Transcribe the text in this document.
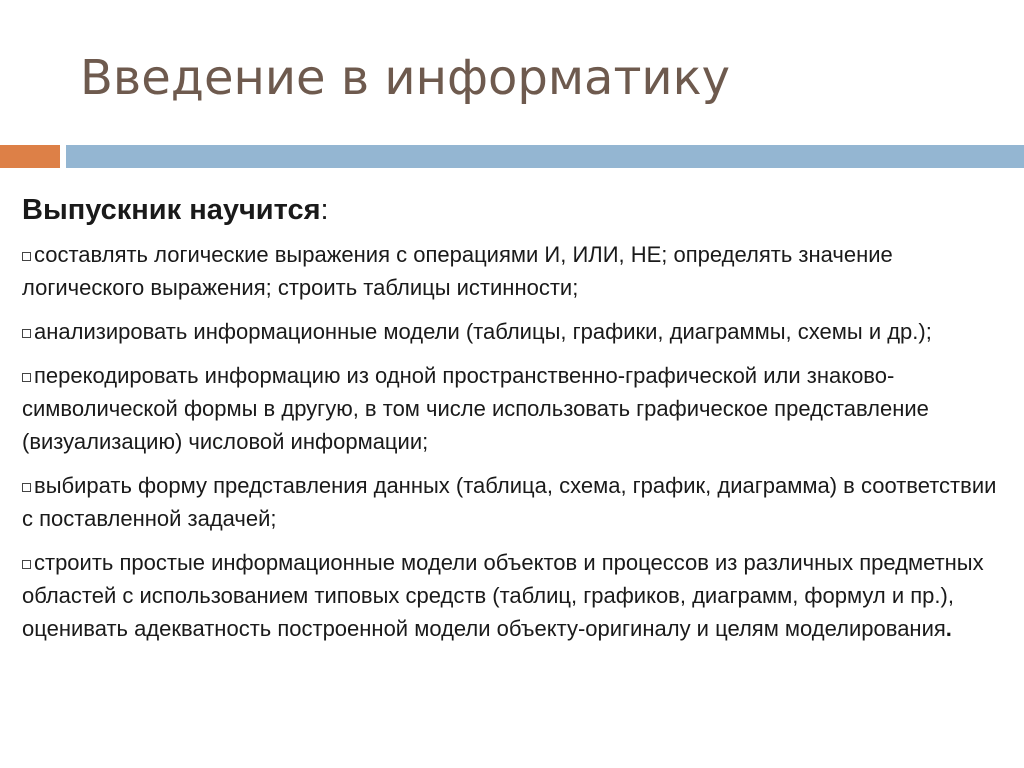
Введение в информатику
Выпускник научится:
составлять логические выражения с операциями И, ИЛИ, НЕ; определять значение логического выражения; строить таблицы истинности;
анализировать информационные модели (таблицы, графики, диаграммы, схемы и др.);
перекодировать информацию из одной пространственно-графической или знаково-символической формы в другую, в том числе использовать графическое представление (визуализацию) числовой информации;
выбирать форму представления данных (таблица, схема, график, диаграмма) в соответствии с поставленной задачей;
строить простые информационные модели объектов и процессов из различных предметных областей с использованием типовых средств (таблиц, графиков, диаграмм, формул и пр.), оценивать адекватность построенной модели объекту-оригиналу и целям моделирования.
